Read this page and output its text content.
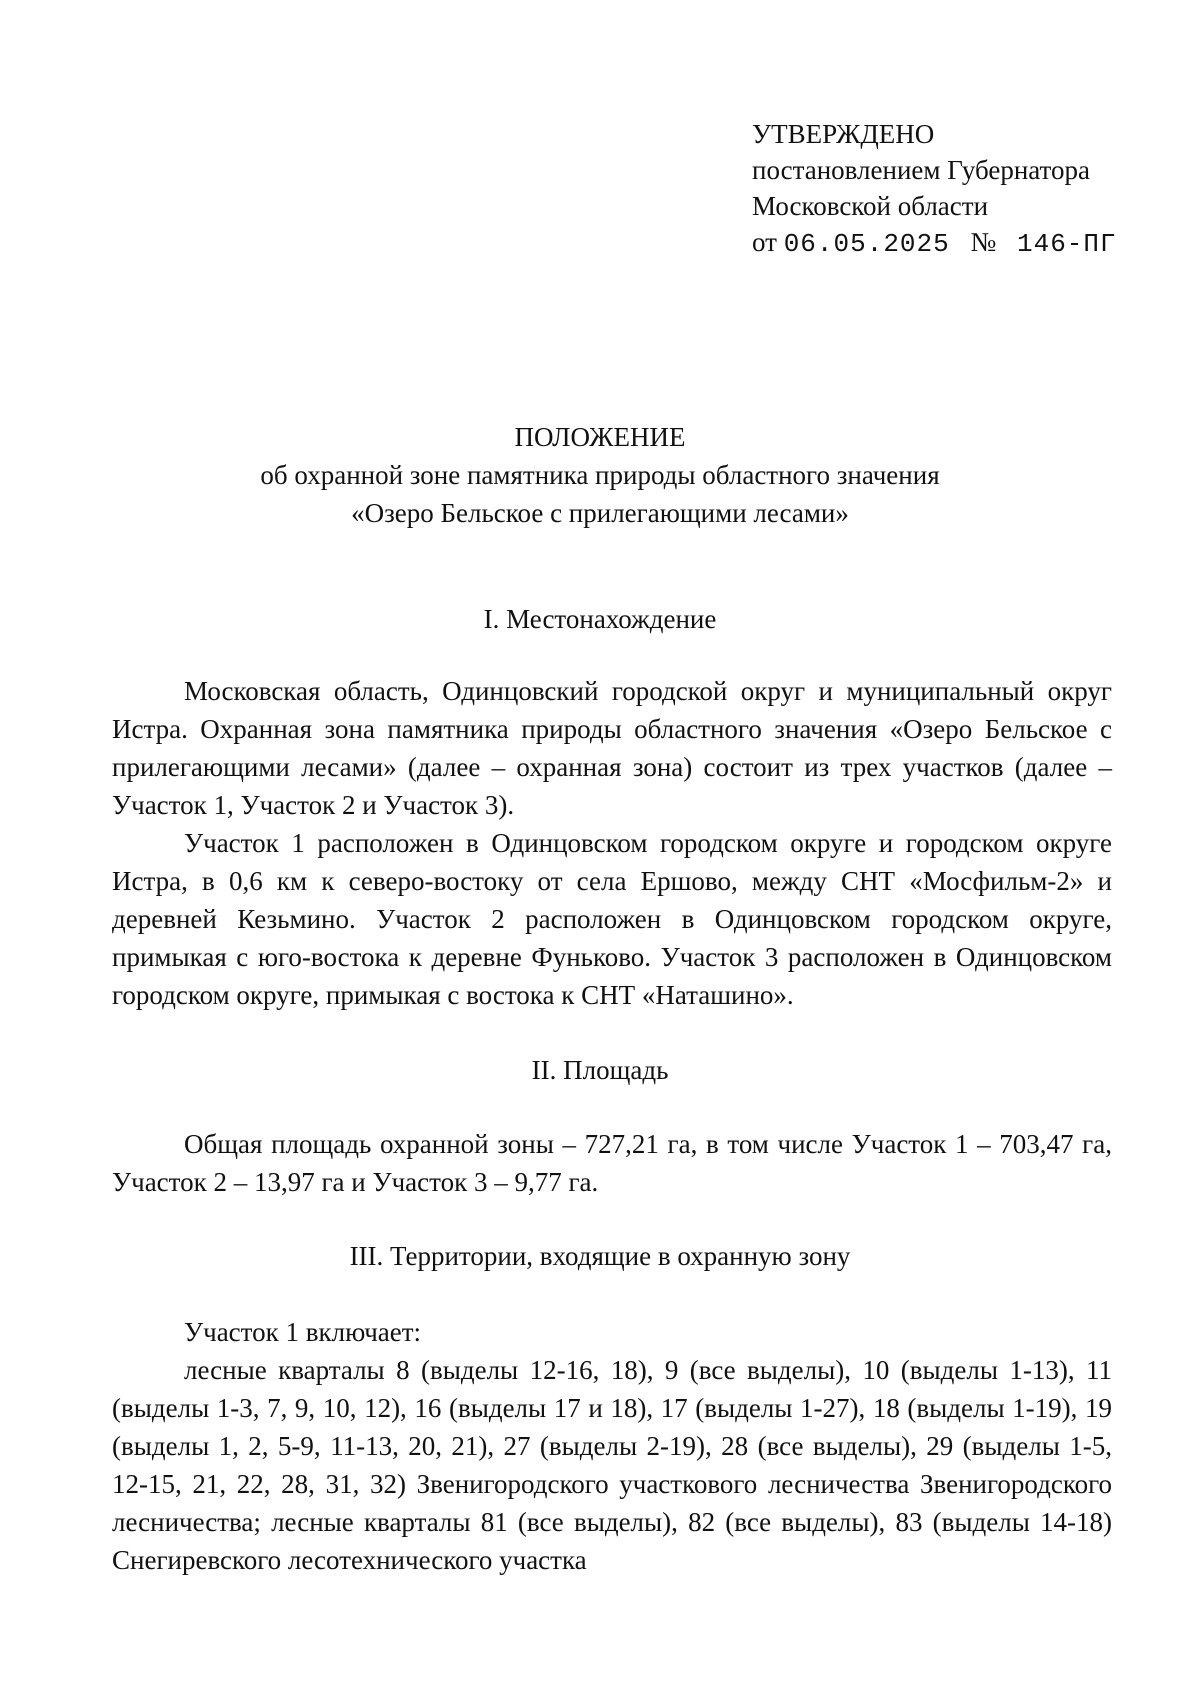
УТВЕРЖДЕНО
постановлением Губернатора
Московской области
от 06.05.2025 № 146-ПГ
ПОЛОЖЕНИЕ
об охранной зоне памятника природы областного значения
«Озеро Бельское с прилегающими лесами»
I. Местонахождение

Московская область, Одинцовский городской округ и муниципальный округ Истра. Охранная зона памятника природы областного значения «Озеро Бельское с прилегающими лесами» (далее – охранная зона) состоит из трех участков (далее – Участок 1, Участок 2 и Участок 3).

Участок 1 расположен в Одинцовском городском округе и городском округе Истра, в 0,6 км к северо-востоку от села Ершово, между СНТ «Мосфильм-2» и деревней Кезьмино. Участок 2 расположен в Одинцовском городском округе, примыкая с юго-востока к деревне Фуньково. Участок 3 расположен в Одинцовском городском округе, примыкая с востока к СНТ «Наташино».

II. Площадь

Общая площадь охранной зоны – 727,21 га, в том числе Участок 1 – 703,47 га, Участок 2 – 13,97 га и Участок 3 – 9,77 га.

III. Территории, входящие в охранную зону

Участок 1 включает:

лесные кварталы 8 (выделы 12-16, 18), 9 (все выделы), 10 (выделы 1-13), 11 (выделы 1-3, 7, 9, 10, 12), 16 (выделы 17 и 18), 17 (выделы 1-27), 18 (выделы 1-19), 19 (выделы 1, 2, 5-9, 11-13, 20, 21), 27 (выделы 2-19), 28 (все выделы), 29 (выделы 1-5, 12-15, 21, 22, 28, 31, 32) Звенигородского участкового лесничества Звенигородского лесничества; лесные кварталы 81 (все выделы), 82 (все выделы), 83 (выделы 14-18) Снегиревского лесотехнического участка
